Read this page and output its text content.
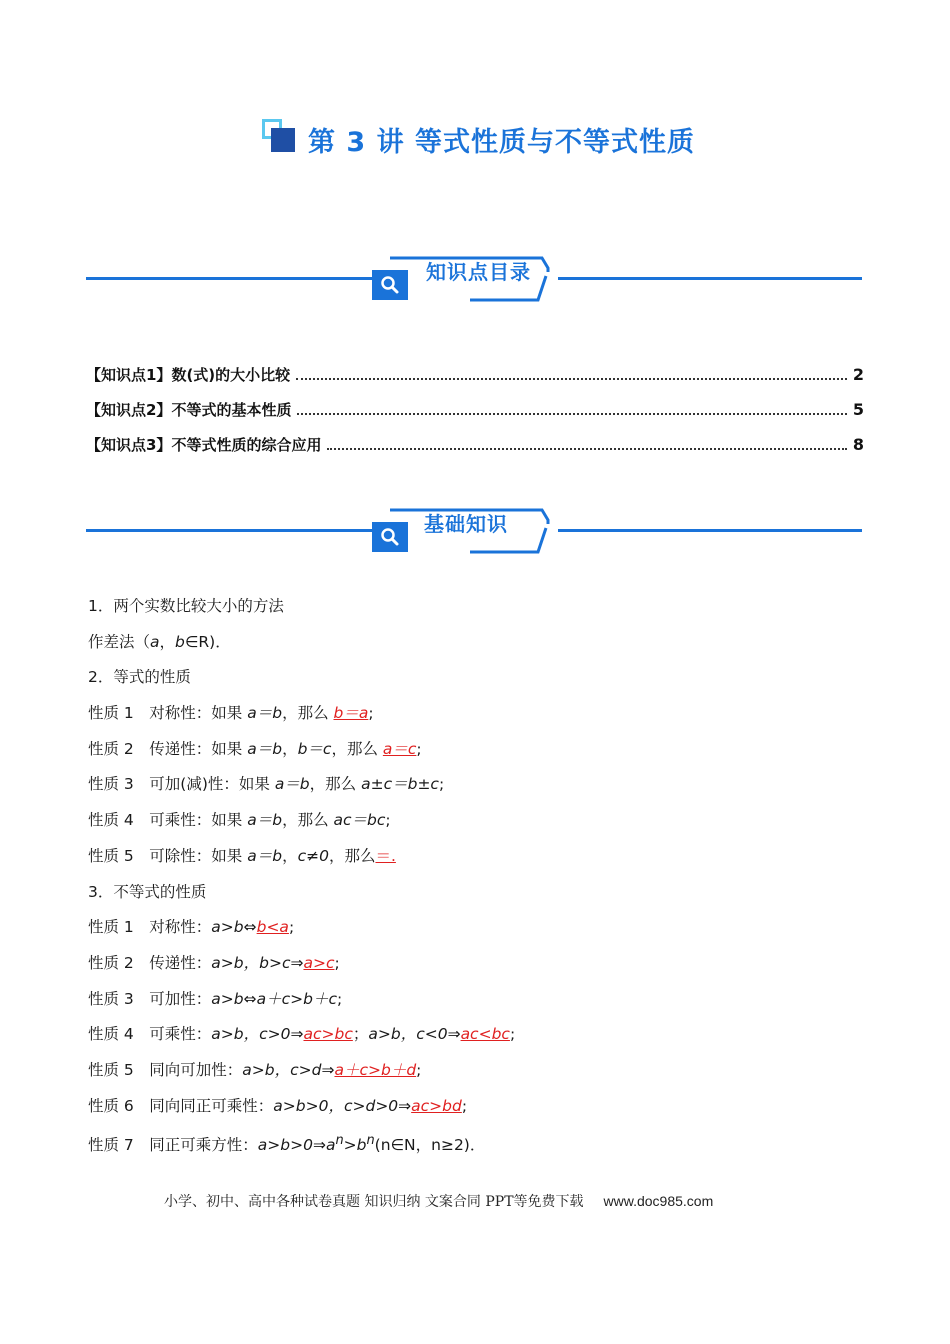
第 3 讲 等式性质与不等式性质
知识点目录
【知识点1】数(式)的大小比较	2
【知识点2】不等式的基本性质	5
【知识点3】不等式性质的综合应用	8
基础知识
1．两个实数比较大小的方法
作差法（a，b∈R)．
2．等式的性质
性质 1　对称性：如果 a＝b，那么 b＝a;
性质 2　传递性：如果 a＝b，b＝c，那么 a＝c;
性质 3　可加(减)性：如果 a＝b，那么 a±c＝b±c;
性质 4　可乘性：如果 a＝b，那么 ac＝bc;
性质 5　可除性：如果 a＝b，c≠0，那么＝.
3．不等式的性质
性质 1　对称性：a>b⇔b<a;
性质 2　传递性：a>b，b>c⇒a>c;
性质 3　可加性：a>b⇔a＋c>b＋c;
性质 4　可乘性：a>b，c>0⇒ac>bc；a>b，c<0⇒ac<bc;
性质 5　同向可加性：a>b，c>d⇒a＋c>b＋d;
性质 6　同向同正可乘性：a>b>0，c>d>0⇒ac>bd;
性质 7　同正可乘方性：$a>b>0\Rightarrow a^n>b^n(n\in N$，n≥2)．
小学、初中、高中各种试卷真题 知识归纳 文案合同 PPT等免费下载 www.doc985.com
